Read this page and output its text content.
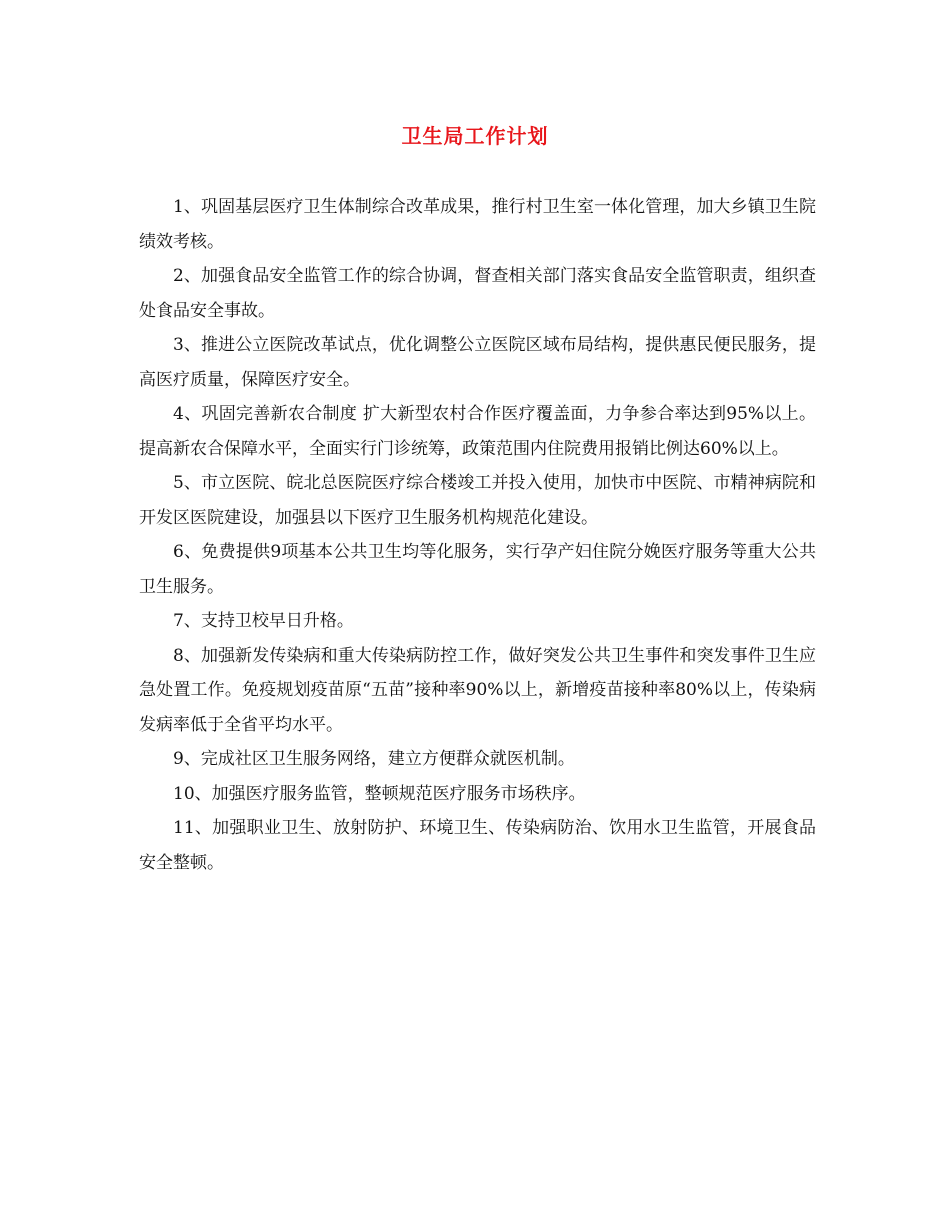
卫生局工作计划

1、巩固基层医疗卫生体制综合改革成果，推行村卫生室一体化管理，加大乡镇卫生院绩效考核。

2、加强食品安全监管工作的综合协调，督查相关部门落实食品安全监管职责，组织查处食品安全事故。

3、推进公立医院改革试点，优化调整公立医院区域布局结构，提供惠民便民服务，提高医疗质量，保障医疗安全。

4、巩固完善新农合制度 扩大新型农村合作医疗覆盖面，力争参合率达到95%以上。提高新农合保障水平，全面实行门诊统筹，政策范围内住院费用报销比例达60%以上。

5、市立医院、皖北总医院医疗综合楼竣工并投入使用，加快市中医院、市精神病院和开发区医院建设，加强县以下医疗卫生服务机构规范化建设。

6、免费提供9项基本公共卫生均等化服务，实行孕产妇住院分娩医疗服务等重大公共卫生服务。

7、支持卫校早日升格。

8、加强新发传染病和重大传染病防控工作，做好突发公共卫生事件和突发事件卫生应急处置工作。免疫规划疫苗原“五苗”接种率90%以上，新增疫苗接种率80%以上，传染病发病率低于全省平均水平。

9、完成社区卫生服务网络，建立方便群众就医机制。

10、加强医疗服务监管，整顿规范医疗服务市场秩序。

11、加强职业卫生、放射防护、环境卫生、传染病防治、饮用水卫生监管，开展食品安全整顿。
